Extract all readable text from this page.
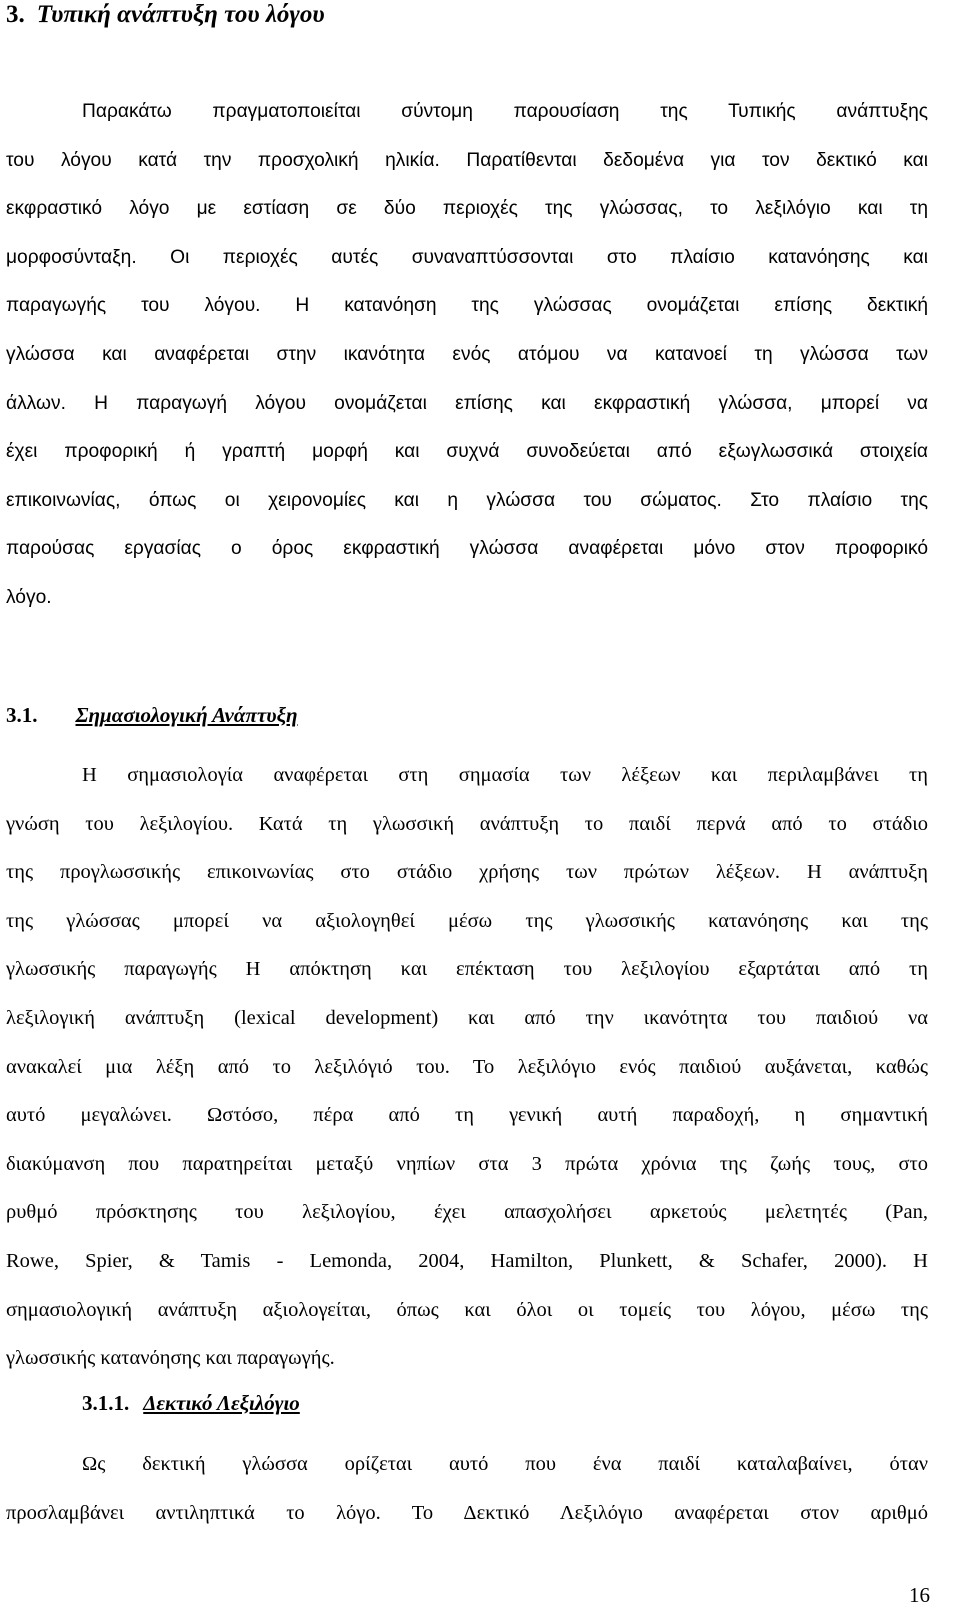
3. Τυπική ανάπτυξη του λόγου
Παρακάτω πραγματοποιείται σύντομη παρουσίαση της Τυπικής ανάπτυξης
του λόγου κατά την προσχολική ηλικία. Παρατίθενται δεδομένα για τον δεκτικό και
εκφραστικό λόγο με εστίαση σε δύο περιοχές της γλώσσας, το λεξιλόγιο και τη
μορφοσύνταξη. Οι περιοχές αυτές συναναπτύσσονται στο πλαίσιο κατανόησης και
παραγωγής του λόγου. Η κατανόηση της γλώσσας ονομάζεται επίσης δεκτική
γλώσσα και αναφέρεται στην ικανότητα ενός ατόμου να κατανοεί τη γλώσσα των
άλλων. Η παραγωγή λόγου ονομάζεται επίσης και εκφραστική γλώσσα, μπορεί να
έχει προφορική ή γραπτή μορφή και συχνά συνοδεύεται από εξωγλωσσικά στοιχεία
επικοινωνίας, όπως οι χειρονομίες και η γλώσσα του σώματος. Στο πλαίσιο της
παρούσας εργασίας ο όρος εκφραστική γλώσσα αναφέρεται μόνο στον προφορικό
λόγο.
3.1. Σημασιολογική Ανάπτυξη
Η σημασιολογία αναφέρεται στη σημασία των λέξεων και περιλαμβάνει τη
γνώση του λεξιλογίου. Κατά τη γλωσσική ανάπτυξη το παιδί περνά από το στάδιο
της προγλωσσικής επικοινωνίας στο στάδιο χρήσης των πρώτων λέξεων. Η ανάπτυξη
της γλώσσας μπορεί να αξιολογηθεί μέσω της γλωσσικής κατανόησης και της
γλωσσικής παραγωγής Η απόκτηση και επέκταση του λεξιλογίου εξαρτάται από τη
λεξιλογική ανάπτυξη (lexical development) και από την ικανότητα του παιδιού να
ανακαλεί μια λέξη από το λεξιλόγιό του. Το λεξιλόγιο ενός παιδιού αυξάνεται, καθώς
αυτό μεγαλώνει. Ωστόσο, πέρα από τη γενική αυτή παραδοχή, η σημαντική
διακύμανση που παρατηρείται μεταξύ νηπίων στα 3 πρώτα χρόνια της ζωής τους, στο
ρυθμό πρόσκτησης του λεξιλογίου, έχει απασχολήσει αρκετούς μελετητές (Pan,
Rowe, Spier, & Tamis - Lemonda, 2004, Hamilton, Plunkett, & Schafer, 2000). Η
σημασιολογική ανάπτυξη αξιολογείται, όπως και όλοι οι τομείς του λόγου, μέσω της
γλωσσικής κατανόησης και παραγωγής.
3.1.1. Δεκτικό Λεξιλόγιο
Ως δεκτική γλώσσα ορίζεται αυτό που ένα παιδί καταλαβαίνει, όταν
προσλαμβάνει αντιληπτικά το λόγο. Το Δεκτικό Λεξιλόγιο αναφέρεται στον αριθμό
16
